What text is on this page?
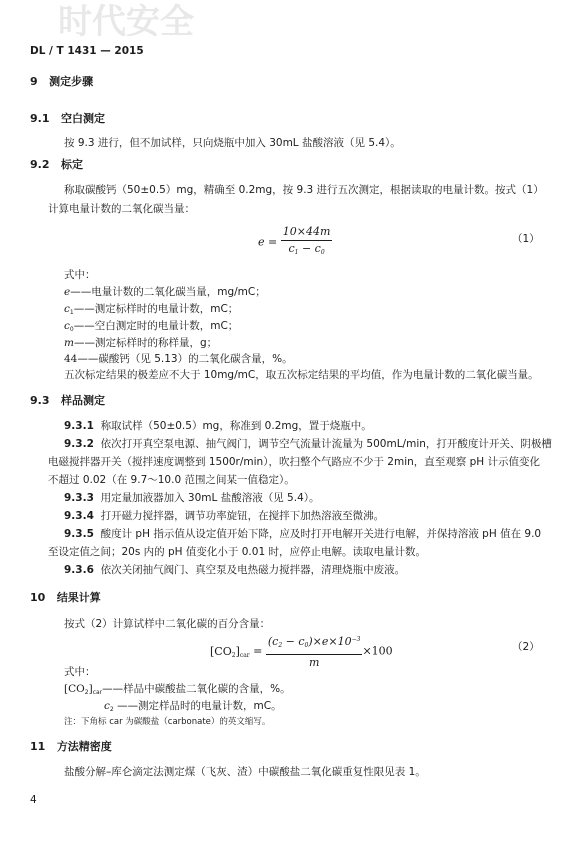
时代安全
DL / T 1431 — 2015
9 测定步骤
9.1 空白测定
按 9.3 进行，但不加试样，只向烧瓶中加入 30mL 盐酸溶液（见 5.4）。
9.2 标定
称取碳酸钙（50±0.5）mg，精确至 0.2mg，按 9.3 进行五次测定，根据读取的电量计数。按式（1）
计算电量计数的二氧化碳当量：
$e = \frac{10\times 44m}{c_1 - c_0}$	（1）
式中：
e——电量计数的二氧化碳当量，mg/mC；
$c_1——$测定标样时的电量计数，mC；
$c_0——$空白测定时的电量计数，mC；
m——测定标样时的称样量，g；
44——碳酸钙（见 5.13）的二氧化碳含量，%。
五次标定结果的极差应不大于 10mg/mC，取五次标定结果的平均值，作为电量计数的二氧化碳当量。
9.3 样品测定
9.3.1 称取试样（50±0.5）mg，称准到 0.2mg，置于烧瓶中。
9.3.2 依次打开真空泵电源、抽气阀门，调节空气流量计流量为 500mL/min，打开酸度计开关、阴极槽
电磁搅拌器开关（搅拌速度调整到 1500r/min），吹扫整个气路应不少于 2min，直至观察 pH 计示值变化
不超过 0.02（在 9.7～10.0 范围之间某一值稳定）。
9.3.3 用定量加液器加入 30mL 盐酸溶液（见 5.4）。
9.3.4 打开磁力搅拌器，调节功率旋钮，在搅拌下加热溶液至微沸。
9.3.5 酸度计 pH 指示值从设定值开始下降，应及时打开电解开关进行电解，并保持溶液 pH 值在 9.0
至设定值之间；20s 内的 pH 值变化小于 0.01 时，应停止电解。读取电量计数。
9.3.6 依次关闭抽气阀门、真空泵及电热磁力搅拌器，清理烧瓶中废液。
10 结果计算
按式（2）计算试样中二氧化碳的百分含量：
$[CO_2]_{car} = \frac{(c_2 - c_0)\times e\times 10^{-3}}{m} \times 100$	（2）
式中：
$[CO_2]_{car}——$样品中碳酸盐二氧化碳的含量，%。
$c_2$ ——测定样品时的电量计数，mC。
注：下角标 car 为碳酸盐（carbonate）的英文缩写。
11 方法精密度
盐酸分解–库仑滴定法测定煤（飞灰、渣）中碳酸盐二氧化碳重复性限见表 1。
4
